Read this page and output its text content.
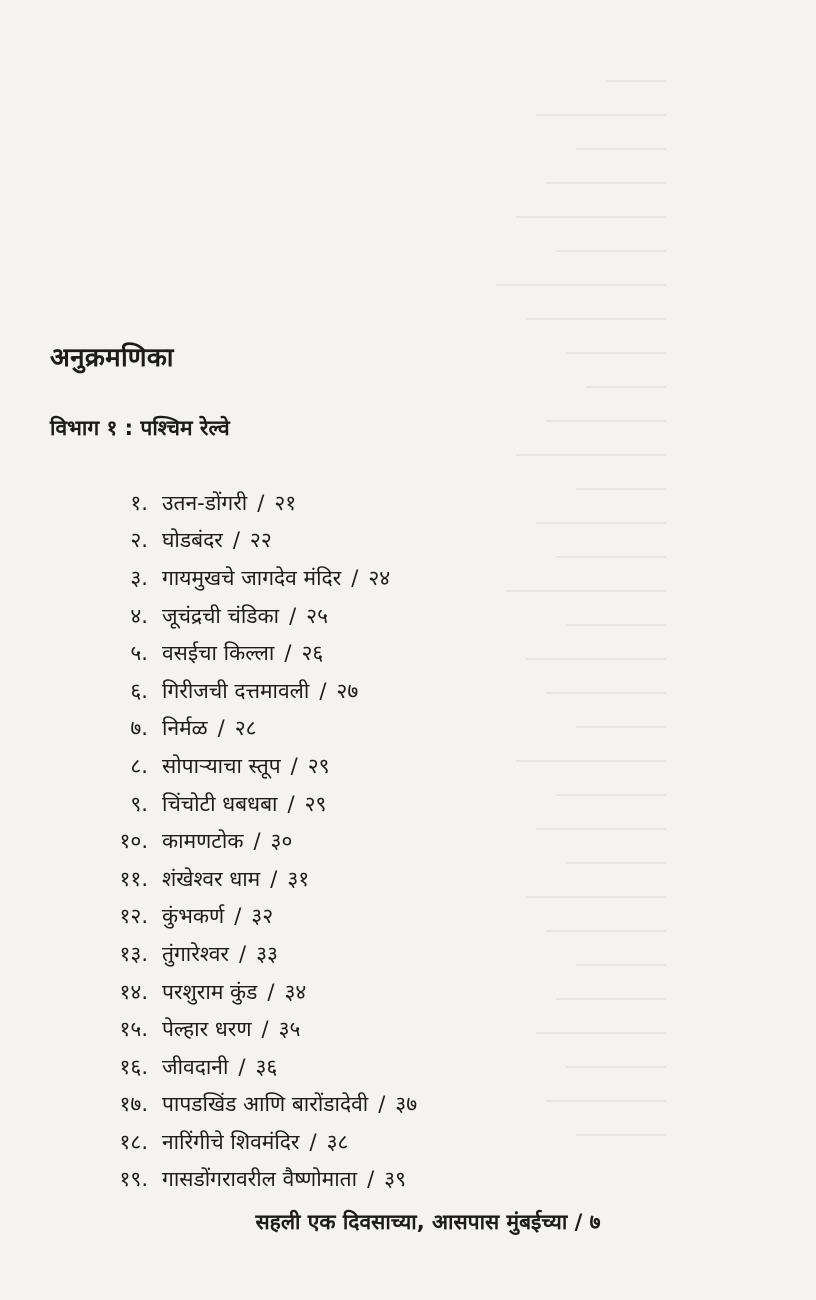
अनुक्रमणिका
विभाग १ : पश्चिम रेल्वे
१. उतन-डोंगरी / २१
२. घोडबंदर / २२
३. गायमुखचे जागदेव मंदिर / २४
४. जूचंद्रची चंडिका / २५
५. वसईचा किल्ला / २६
६. गिरीजची दत्तमावली / २७
७. निर्मळ / २८
८. सोपाऱ्याचा स्तूप / २९
९. चिंचोटी धबधबा / २९
१०. कामणटोक / ३०
११. शंखेश्वर धाम / ३१
१२. कुंभकर्ण / ३२
१३. तुंगारेश्वर / ३३
१४. परशुराम कुंड / ३४
१५. पेल्हार धरण / ३५
१६. जीवदानी / ३६
१७. पापडखिंड आणि बारोंडादेवी / ३७
१८. नारिंगीचे शिवमंदिर / ३८
१९. गासडोंगरावरील वैष्णोमाता / ३९
सहली एक दिवसाच्या, आसपास मुंबईच्या / ७
